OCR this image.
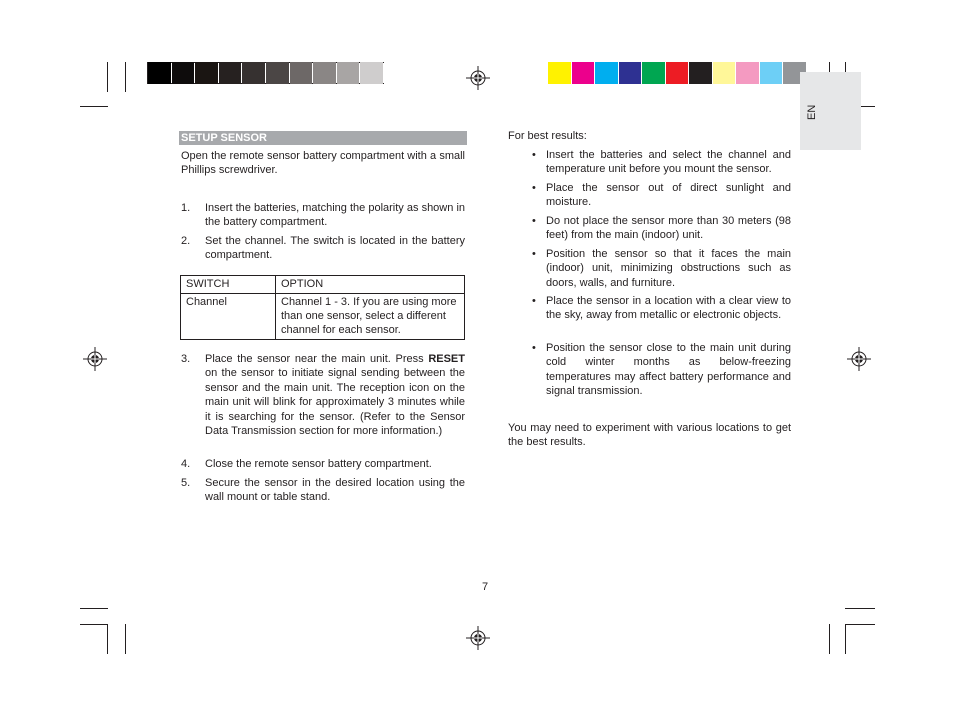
EN
SETUP SENSOR
Open the remote sensor battery compartment with a small Phillips screwdriver.
1. Insert the batteries, matching the polarity as shown in the battery compartment.
2. Set the channel. The switch is located in the battery compartment.
SWITCH	OPTION
Channel	Channel 1 - 3. If you are using more than one sensor, select a different channel for each sensor.
3. Place the sensor near the main unit. Press RESET on the sensor to initiate signal sending between the sensor and the main unit. The reception icon on the main unit will blink for approximately 3 minutes while it is searching for the sensor. (Refer to the Sensor Data Transmission section for more information.)
4. Close the remote sensor battery compartment.
5. Secure the sensor in the desired location using the wall mount or table stand.
For best results:
• Insert the batteries and select the channel and temperature unit before you mount the sensor.
• Place the sensor out of direct sunlight and moisture.
• Do not place the sensor more than 30 meters (98 feet) from the main (indoor) unit.
• Position the sensor so that it faces the main (indoor) unit, minimizing obstructions such as doors, walls, and furniture.
• Place the sensor in a location with a clear view to the sky, away from metallic or electronic objects.
• Position the sensor close to the main unit during cold winter months as below-freezing temperatures may affect battery performance and signal transmission.
You may need to experiment with various locations to get the best results.
7
